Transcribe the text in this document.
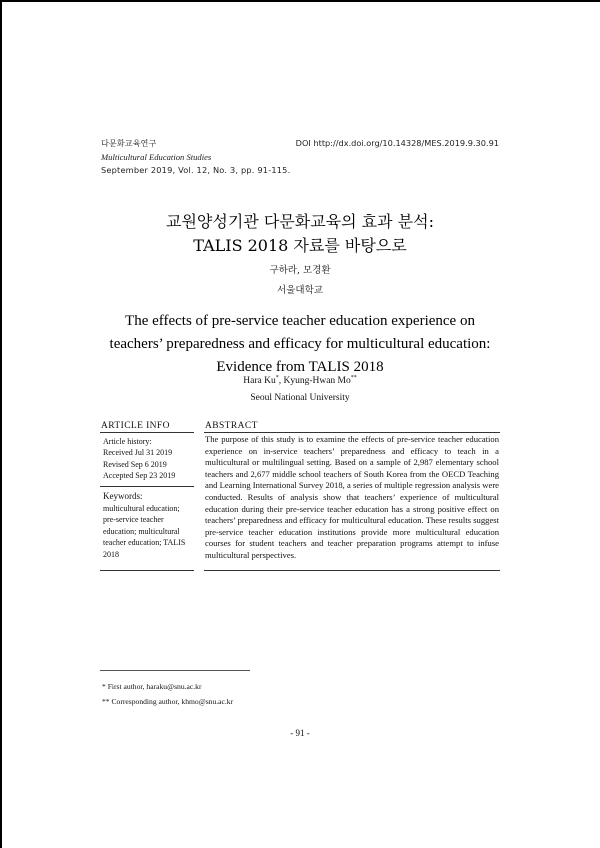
다문화교육연구
Multicultural Education Studies
September 2019, Vol. 12, No. 3, pp. 91-115.
DOI http://dx.doi.org/10.14328/MES.2019.9.30.91
교원양성기관 다문화교육의 효과 분석:
TALIS 2018 자료를 바탕으로
구하라, 모경환
서울대학교
The effects of pre-service teacher education experience on
teachers’ preparedness and efficacy for multicultural education:
Evidence from TALIS 2018
Hara Ku*, Kyung-Hwan Mo**
Seoul National University
ARTICLE INFO	ABSTRACT
Article history:
Received Jul 31 2019
Revised Sep 6 2019
Accepted Sep 23 2019
Keywords:
multicultural education;
pre-service teacher
education; multicultural
teacher education; TALIS
2018
The purpose of this study is to examine the effects of pre-service teacher education experience on in-service teachers’ preparedness and efficacy to teach in a multicultural or multilingual setting. Based on a sample of 2,987 elementary school teachers and 2,677 middle school teachers of South Korea from the OECD Teaching and Learning International Survey 2018, a series of multiple regression analysis were conducted. Results of analysis show that teachers’ experience of multicultural education during their pre-service teacher education has a strong positive effect on teachers’ preparedness and efficacy for multicultural education. These results suggest pre-service teacher education institutions provide more multicultural education courses for student teachers and teacher preparation programs attempt to infuse multicultural perspectives.
* First author, haraku@snu.ac.kr
** Corresponding author, khmo@snu.ac.kr
- 91 -
